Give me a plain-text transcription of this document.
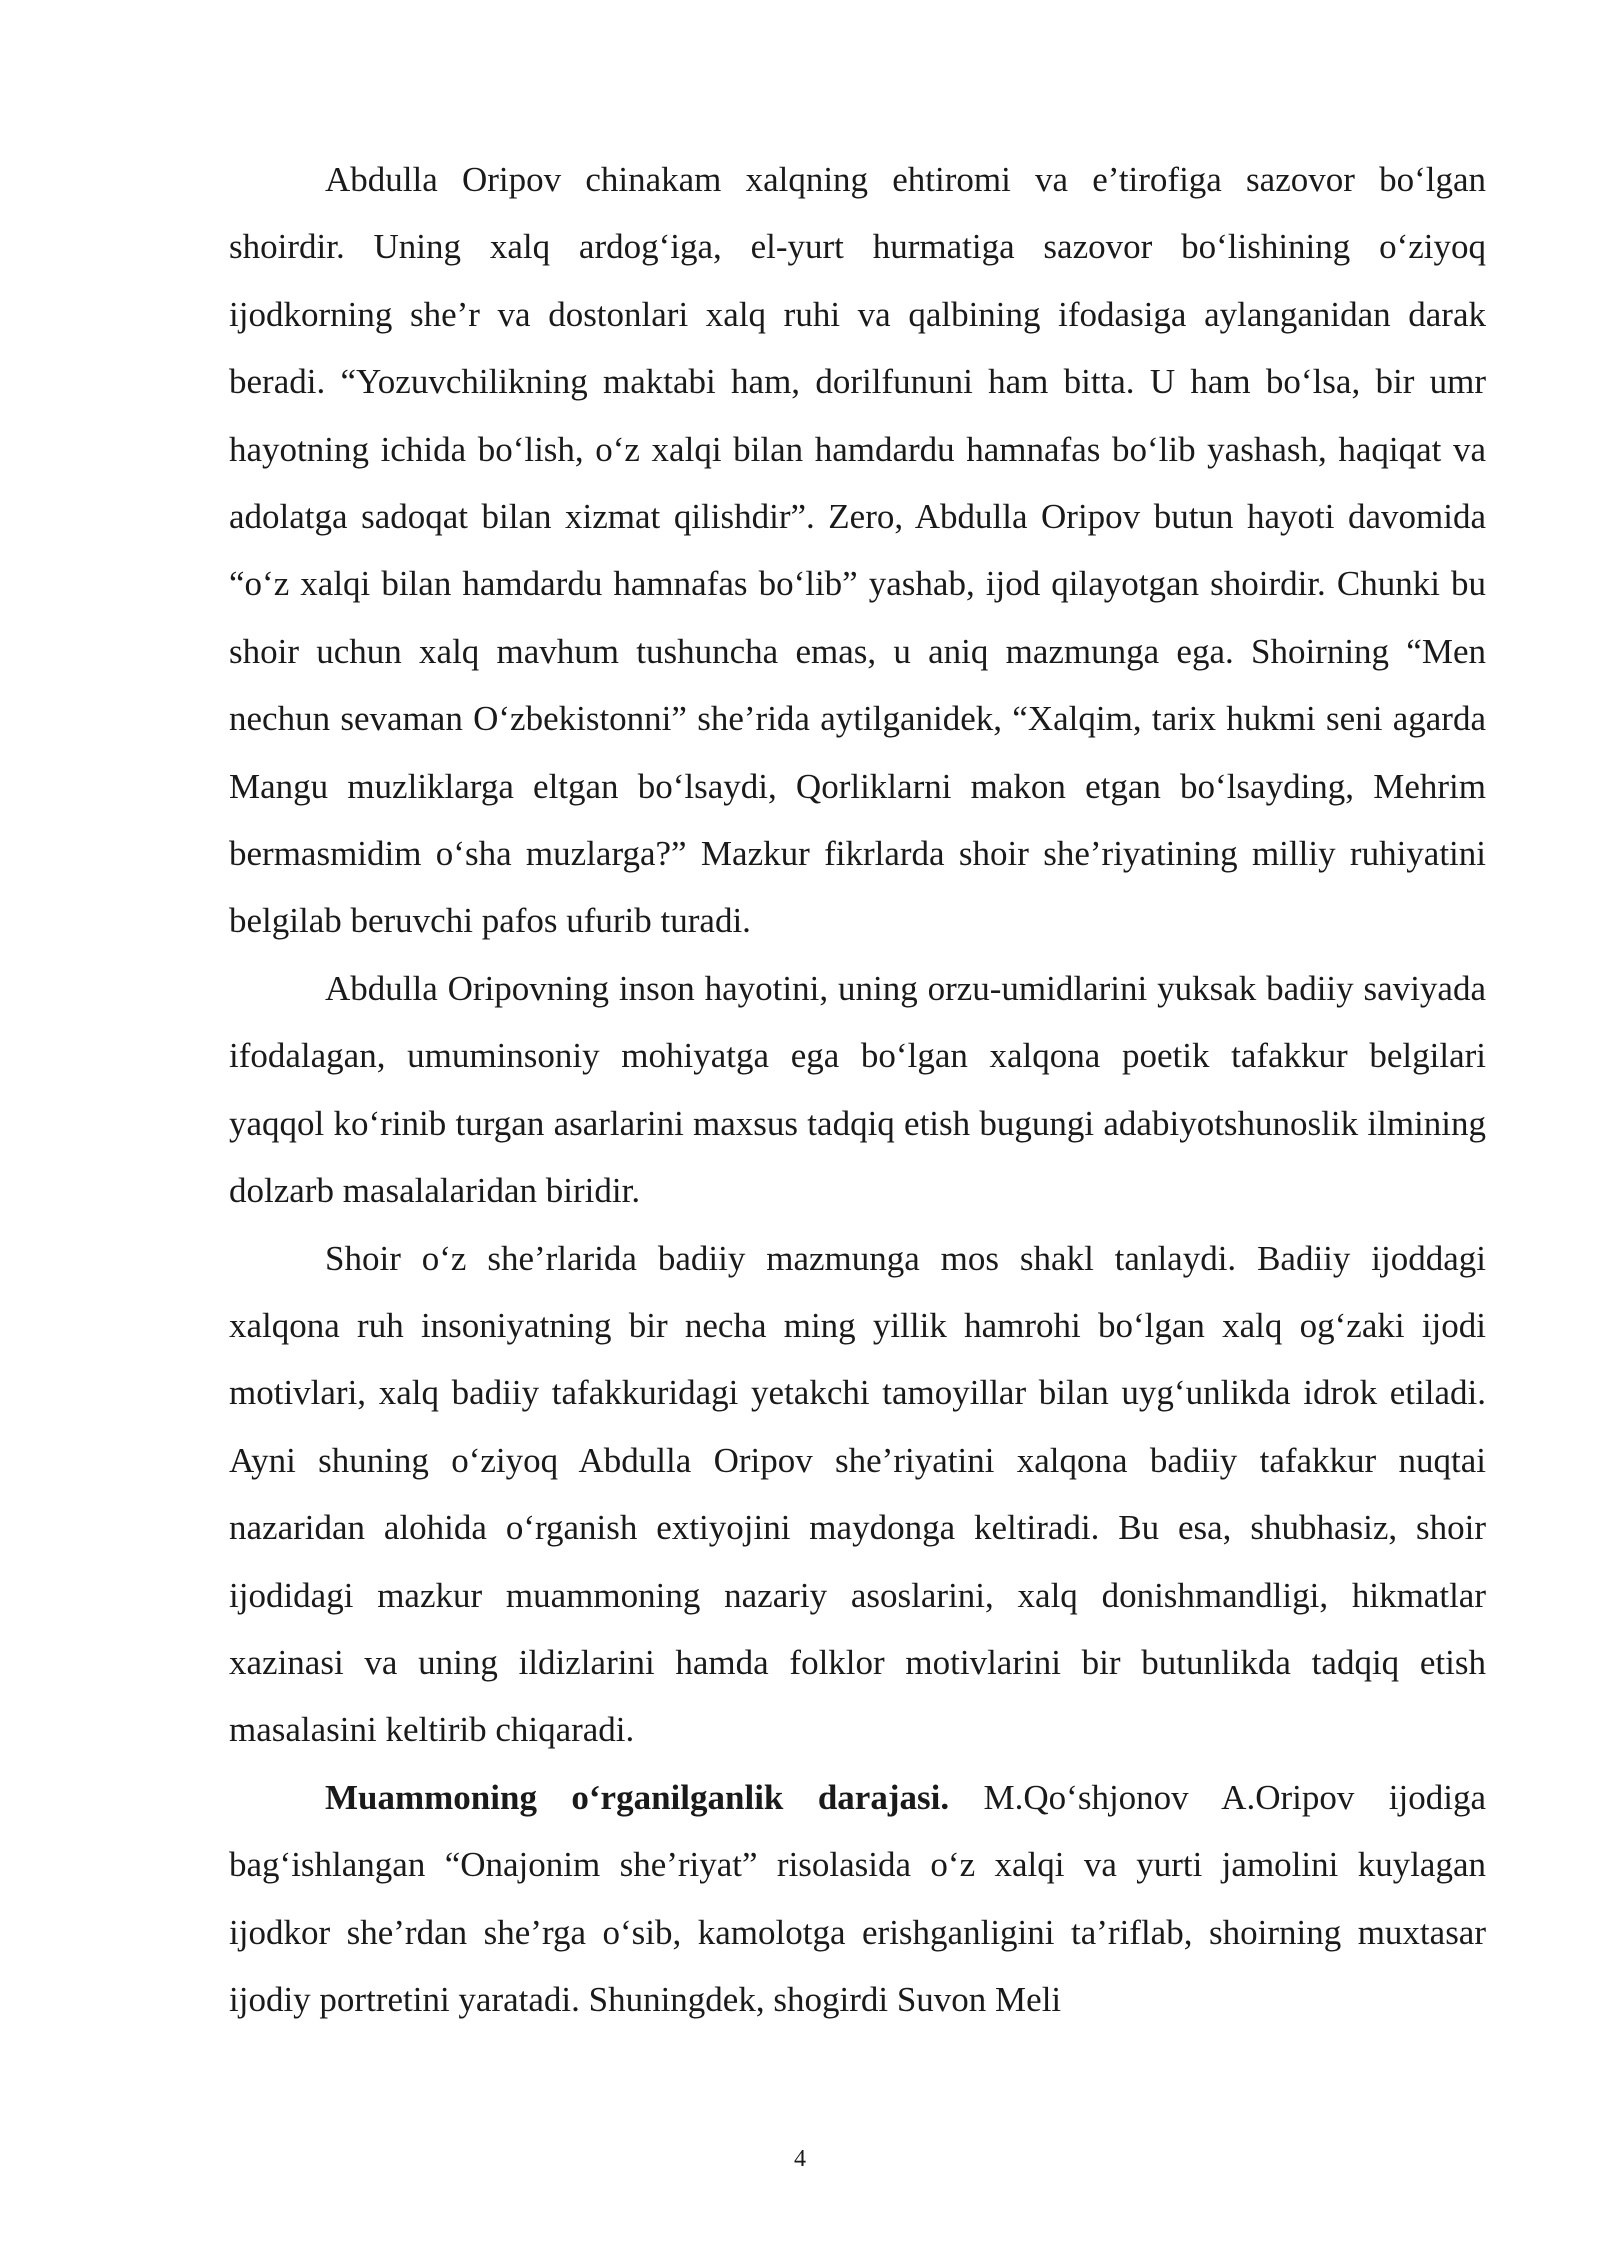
Abdulla Oripov chinakam xalqning ehtiromi va e’tirofiga sazovor bo‘lgan shoirdir. Uning xalq ardog‘iga, el-yurt hurmatiga sazovor bo‘lishining o‘ziyoq ijodkorning she’r va dostonlari xalq ruhi va qalbining ifodasiga aylanganidan darak beradi. “Yozuvchilikning maktabi ham, dorilfununi ham bitta. U ham bo‘lsa, bir umr hayotning ichida bo‘lish, o‘z xalqi bilan hamdardu hamnafas bo‘lib yashash, haqiqat va adolatga sadoqat bilan xizmat qilishdir”. Zero, Abdulla Oripov butun hayoti davomida “o‘z xalqi bilan hamdardu hamnafas bo‘lib” yashab, ijod qilayotgan shoirdir. Chunki bu shoir uchun xalq mavhum tushuncha emas, u aniq mazmunga ega. Shoirning “Men nechun sevaman O‘zbekistonni” she’rida aytilganidek, “Xalqim, tarix hukmi seni agarda Mangu muzliklarga eltgan bo‘lsaydi, Qorliklarni makon etgan bo‘lsayding, Mehrim bermasmidim o‘sha muzlarga?” Mazkur fikrlarda shoir she’riyatining milliy ruhiyatini belgilab beruvchi pafos ufurib turadi.

Abdulla Oripovning inson hayotini, uning orzu-umidlarini yuksak badiiy saviyada ifodalagan, umuminsoniy mohiyatga ega bo‘lgan xalqona poetik tafakkur belgilari yaqqol ko‘rinib turgan asarlarini maxsus tadqiq etish bugungi adabiyotshunoslik ilmining dolzarb masalalaridan biridir.

Shoir o‘z she’rlarida badiiy mazmunga mos shakl tanlaydi. Badiiy ijoddagi xalqona ruh insoniyatning bir necha ming yillik hamrohi bo‘lgan xalq og‘zaki ijodi motivlari, xalq badiiy tafakkuridagi yetakchi tamoyillar bilan uyg‘unlikda idrok etiladi. Ayni shuning o‘ziyoq Abdulla Oripov she’riyatini xalqona badiiy tafakkur nuqtai nazaridan alohida o‘rganish extiyojini maydonga keltiradi. Bu esa, shubhasiz, shoir ijodidagi mazkur muammoning nazariy asoslarini, xalq donishmandligi, hikmatlar xazinasi va uning ildizlarini hamda folklor motivlarini bir butunlikda tadqiq etish masalasini keltirib chiqaradi.

Muammoning o‘rganilganlik darajasi. M.Qo‘shjonov A.Oripov ijodiga bag‘ishlangan “Onajonim she’riyat” risolasida o‘z xalqi va yurti jamolini kuylagan ijodkor she’rdan she’rga o‘sib, kamolotga erishganligini ta’riflab, shoirning muxtasar ijodiy portretini yaratadi. Shuningdek, shogirdi Suvon Meli

4
